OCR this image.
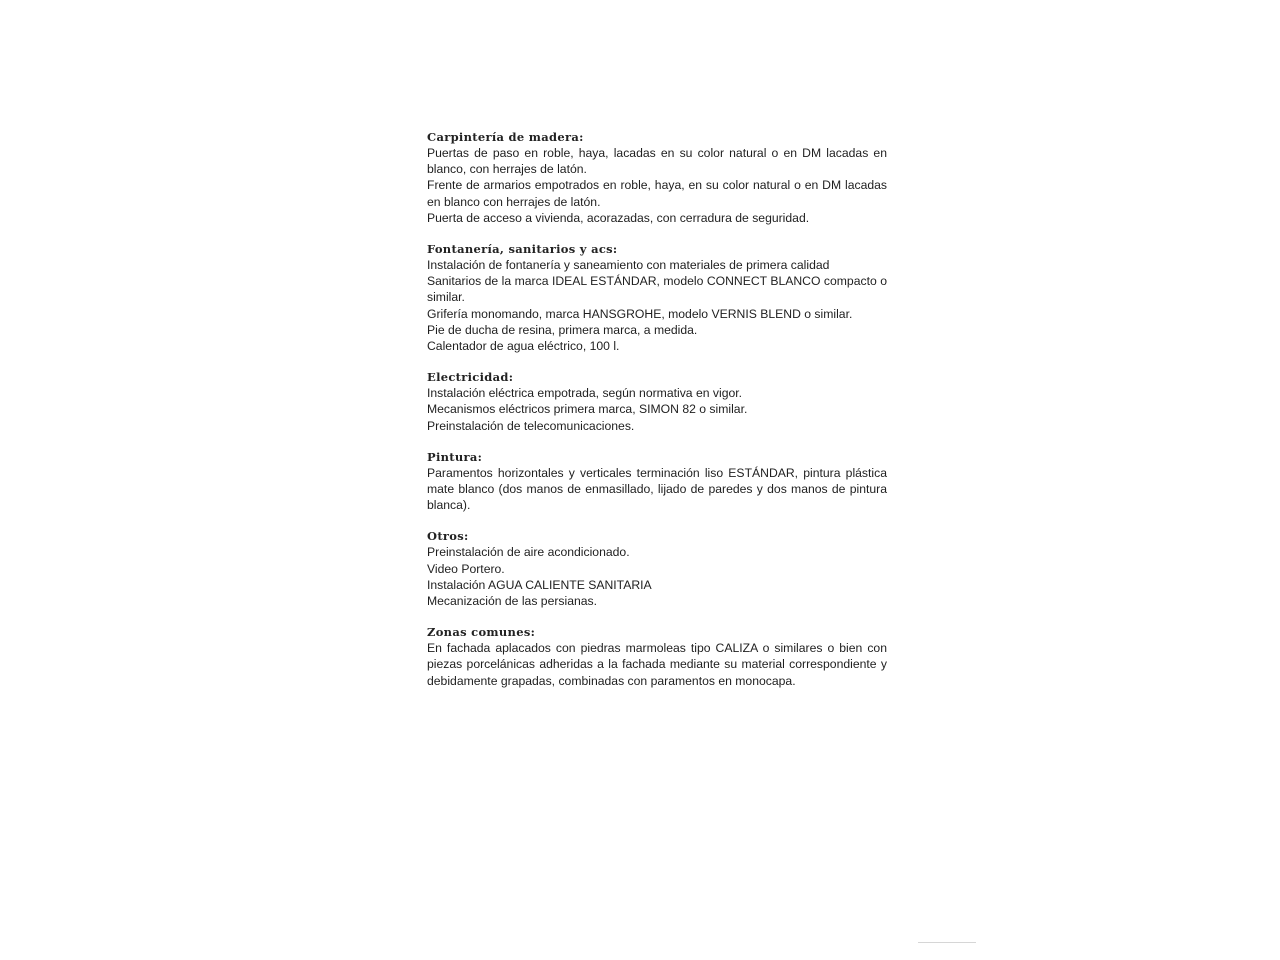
Carpintería de madera:

Puertas de paso en roble, haya, lacadas en su color natural o en DM lacadas en blanco, con herrajes de latón.

Frente de armarios empotrados en roble, haya, en su color natural o en DM lacadas en blanco con herrajes de latón.

Puerta de acceso a vivienda, acorazadas, con cerradura de seguridad.

Fontanería, sanitarios y acs:

Instalación de fontanería y saneamiento con materiales de primera calidad

Sanitarios de la marca IDEAL ESTÁNDAR, modelo CONNECT BLANCO compacto o similar.

Grifería monomando, marca HANSGROHE, modelo VERNIS BLEND o similar.

Pie de ducha de resina, primera marca, a medida.

Calentador de agua eléctrico, 100 l.

Electricidad:

Instalación eléctrica empotrada, según normativa en vigor.

Mecanismos eléctricos primera marca, SIMON 82 o similar.

Preinstalación de telecomunicaciones.

Pintura:

Paramentos horizontales y verticales terminación liso ESTÁNDAR, pintura plástica mate blanco (dos manos de enmasillado, lijado de paredes y dos manos de pintura blanca).

Otros:

Preinstalación de aire acondicionado.

Video Portero.

Instalación AGUA CALIENTE SANITARIA

Mecanización de las persianas.

Zonas comunes:

En fachada aplacados con piedras marmoleas tipo CALIZA o similares o bien con piezas porcelánicas adheridas a la fachada mediante su material correspondiente y debidamente grapadas, combinadas con paramentos en monocapa.
